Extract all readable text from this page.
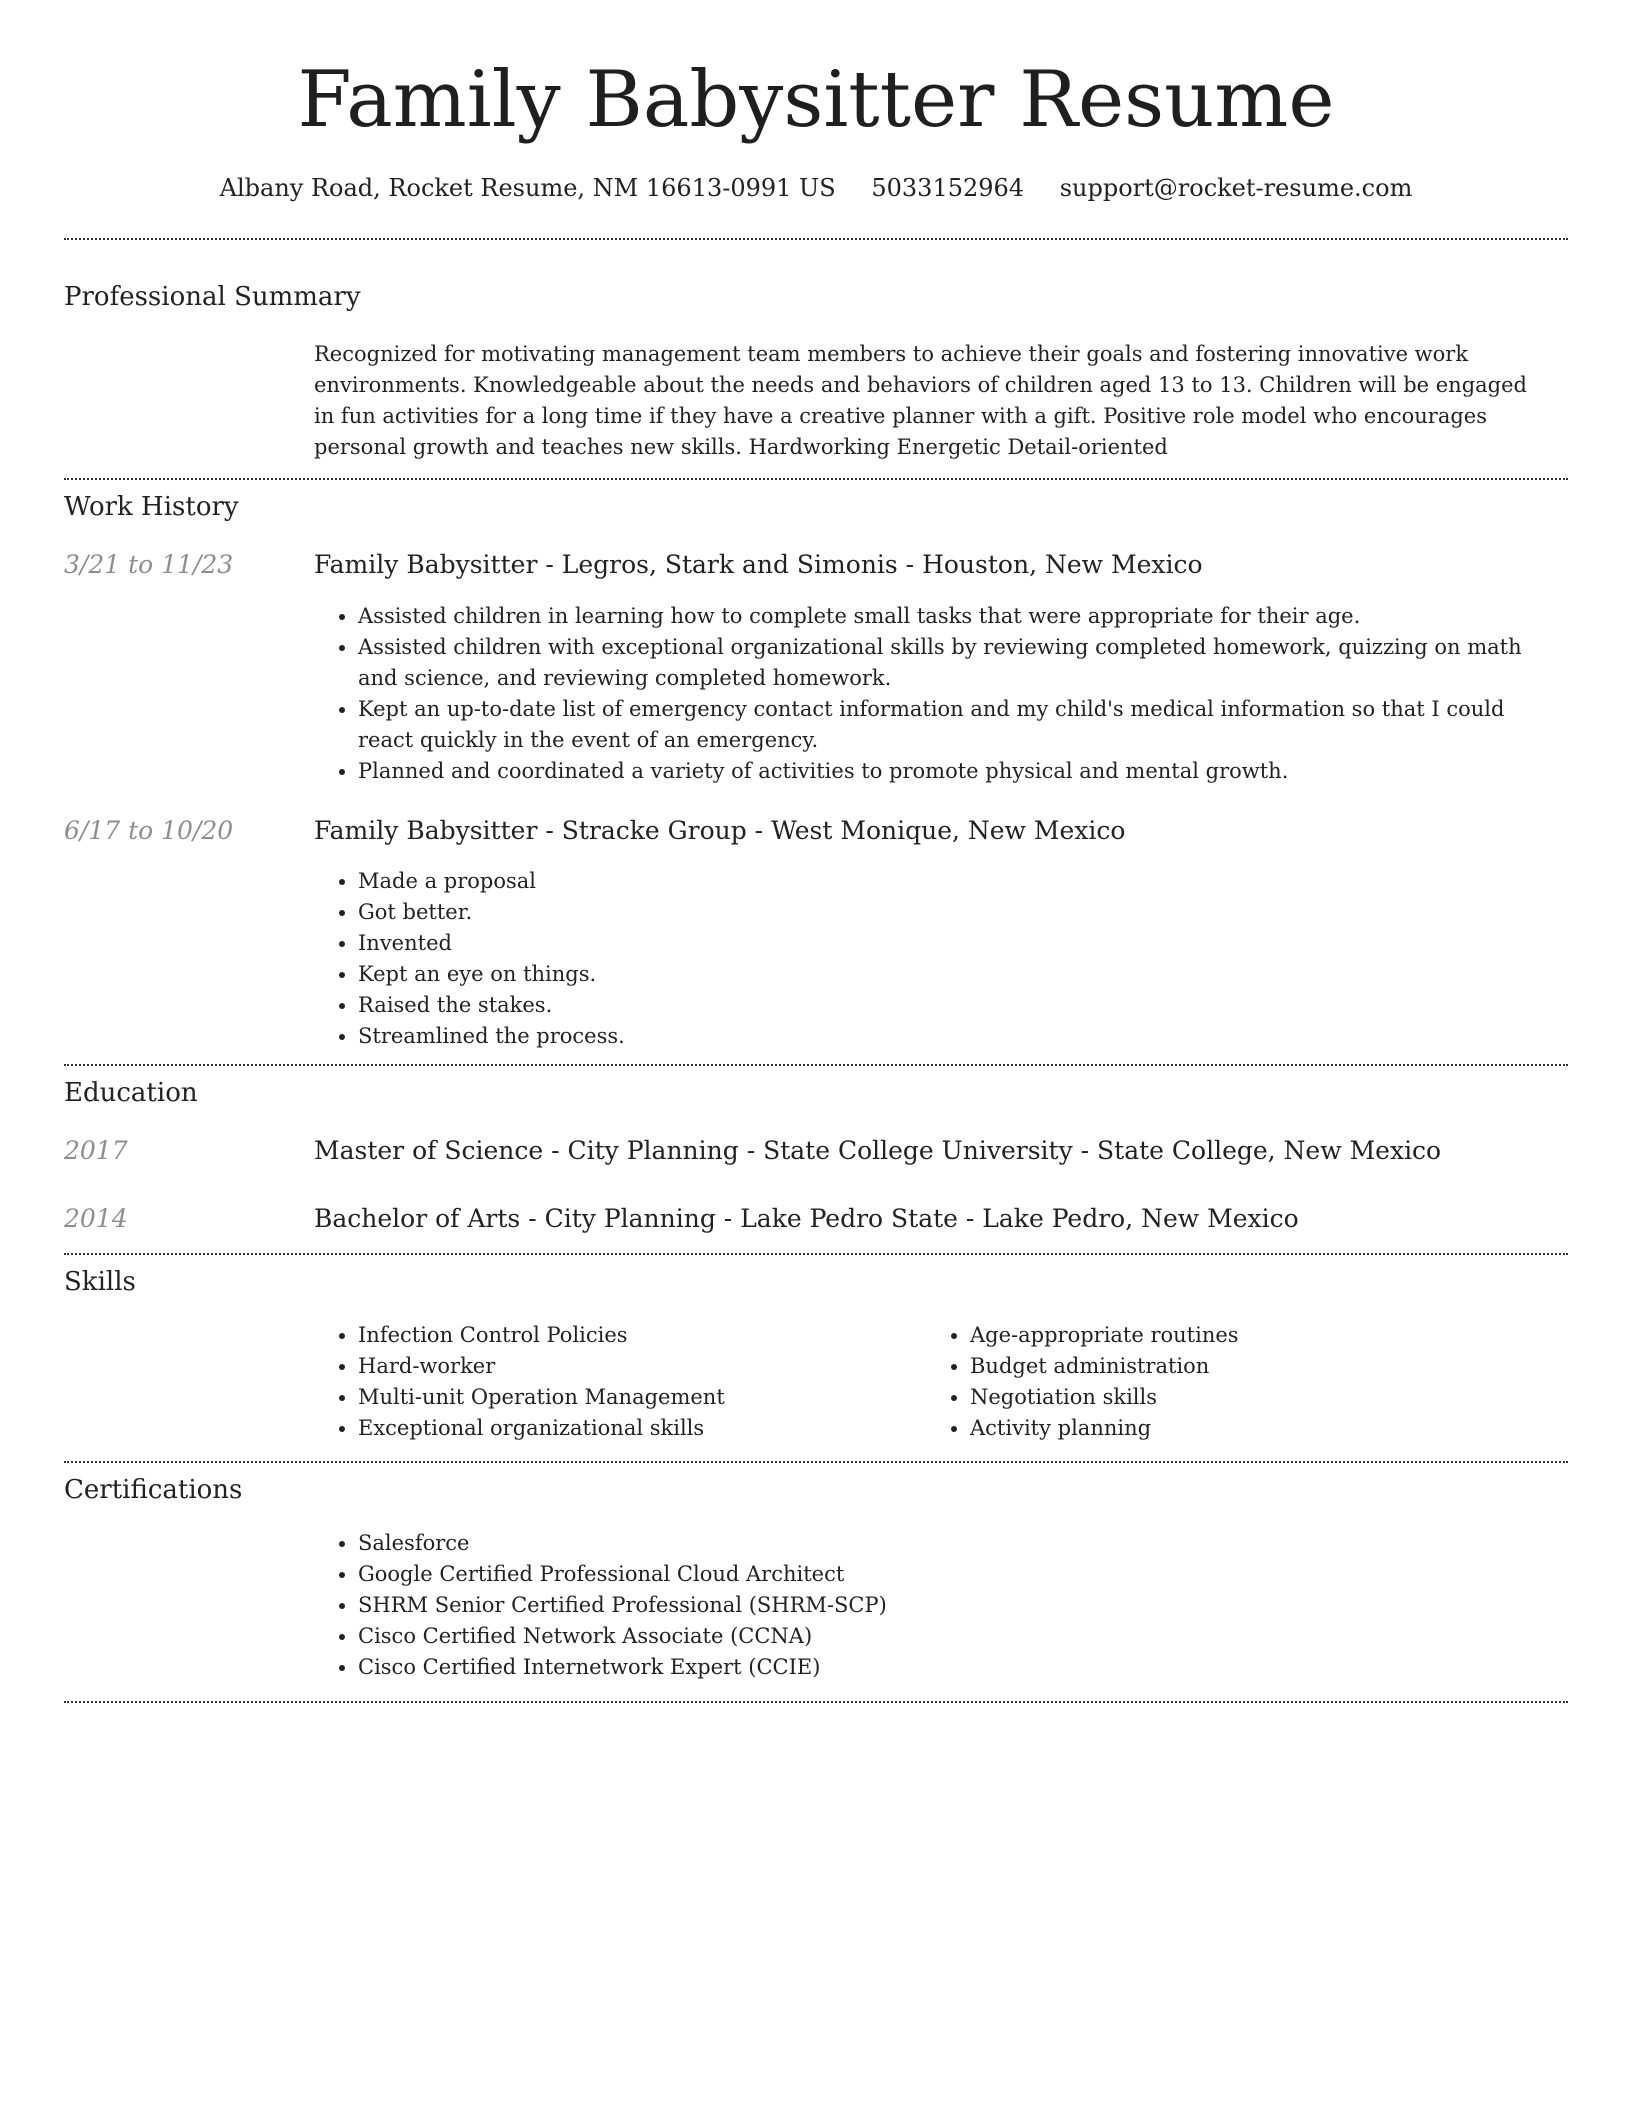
Family Babysitter Resume
Albany Road, Rocket Resume, NM 16613-0991 US 5033152964 support@rocket-resume.com
Professional Summary
Recognized for motivating management team members to achieve their goals and fostering innovative work environments. Knowledgeable about the needs and behaviors of children aged 13 to 13. Children will be engaged in fun activities for a long time if they have a creative planner with a gift. Positive role model who encourages personal growth and teaches new skills. Hardworking Energetic Detail-oriented
Work History
3/21 to 11/23	Family Babysitter - Legros, Stark and Simonis - Houston, New Mexico
• Assisted children in learning how to complete small tasks that were appropriate for their age.
• Assisted children with exceptional organizational skills by reviewing completed homework, quizzing on math and science, and reviewing completed homework.
• Kept an up-to-date list of emergency contact information and my child's medical information so that I could react quickly in the event of an emergency.
• Planned and coordinated a variety of activities to promote physical and mental growth.
6/17 to 10/20	Family Babysitter - Stracke Group - West Monique, New Mexico
• Made a proposal
• Got better.
• Invented
• Kept an eye on things.
• Raised the stakes.
• Streamlined the process.
Education
2017	Master of Science - City Planning - State College University - State College, New Mexico
2014	Bachelor of Arts - City Planning - Lake Pedro State - Lake Pedro, New Mexico
Skills
• Infection Control Policies
• Hard-worker
• Multi-unit Operation Management
• Exceptional organizational skills
• Age-appropriate routines
• Budget administration
• Negotiation skills
• Activity planning
Certifications
• Salesforce
• Google Certified Professional Cloud Architect
• SHRM Senior Certified Professional (SHRM-SCP)
• Cisco Certified Network Associate (CCNA)
• Cisco Certified Internetwork Expert (CCIE)
